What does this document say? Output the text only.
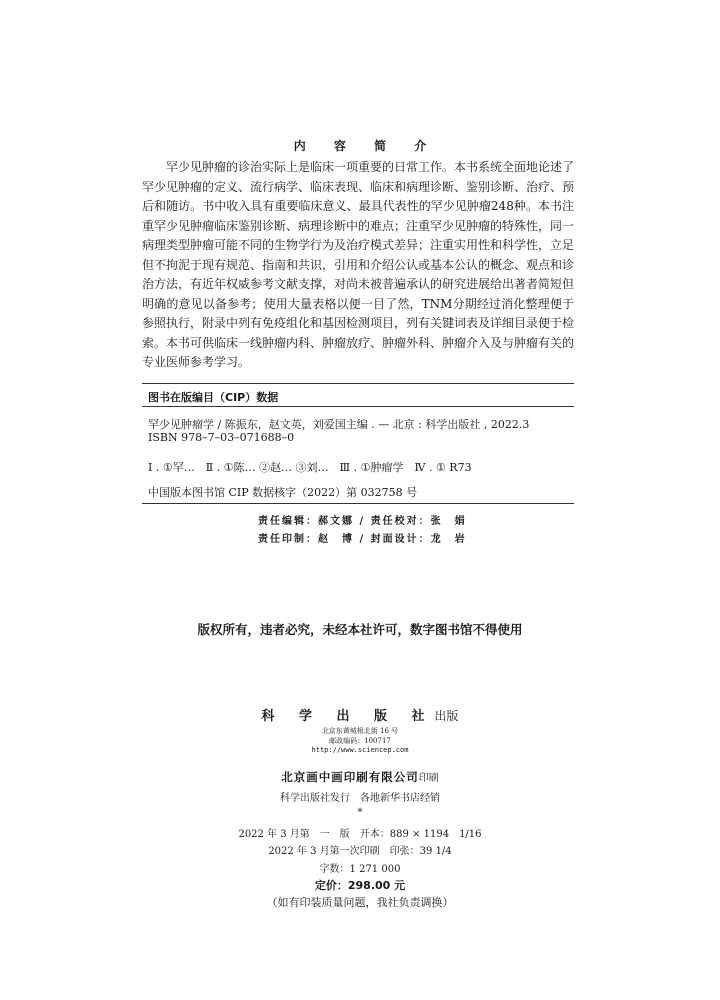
内 容 简 介

罕少见肿瘤的诊治实际上是临床一项重要的日常工作。本书系统全面地论述了罕少见肿瘤的定义、流行病学、临床表现、临床和病理诊断、鉴别诊断、治疗、预后和随访。书中收入具有重要临床意义、最具代表性的罕少见肿瘤248种。本书注重罕少见肿瘤临床鉴别诊断、病理诊断中的难点；注重罕少见肿瘤的特殊性，同一病理类型肿瘤可能不同的生物学行为及治疗模式差异；注重实用性和科学性，立足但不拘泥于现有规范、指南和共识，引用和介绍公认或基本公认的概念、观点和诊治方法，有近年权威参考文献支撑，对尚未被普遍承认的研究进展给出著者简短但明确的意见以备参考；使用大量表格以便一目了然，TNM分期经过消化整理便于参照执行，附录中列有免疫组化和基因检测项目，列有关键词表及详细目录便于检索。本书可供临床一线肿瘤内科、肿瘤放疗、肿瘤外科、肿瘤介入及与肿瘤有关的专业医师参考学习。

图书在版编目（CIP）数据
罕少见肿瘤学 / 陈振东，赵文英，刘爱国主编 . — 北京 : 科学出版社 , 2022.3
ISBN 978–7–03–071688–0
Ⅰ . ①罕…　Ⅱ . ①陈… ②赵… ③刘…　Ⅲ . ①肿瘤学　Ⅳ . ① R73
中国版本图书馆 CIP 数据核字（2022）第 032758 号
责任编辑：郝文娜 / 责任校对：张　娟
责任印制：赵　博 / 封面设计：龙　岩
版权所有，违者必究，未经本社许可，数字图书馆不得使用
科 学 出 版 社出版
北京东黄城根北街 16 号
邮政编码：100717
http://www.sciencep.com
北京画中画印刷有限公司印刷
科学出版社发行　各地新华书店经销
*
2022 年 3 月第　一　版　开本：889 × 1194　1/16
2022 年 3 月第一次印刷　印张：39 1/4
字数：1 271 000
定价：298.00 元
（如有印装质量问题，我社负责调换）
